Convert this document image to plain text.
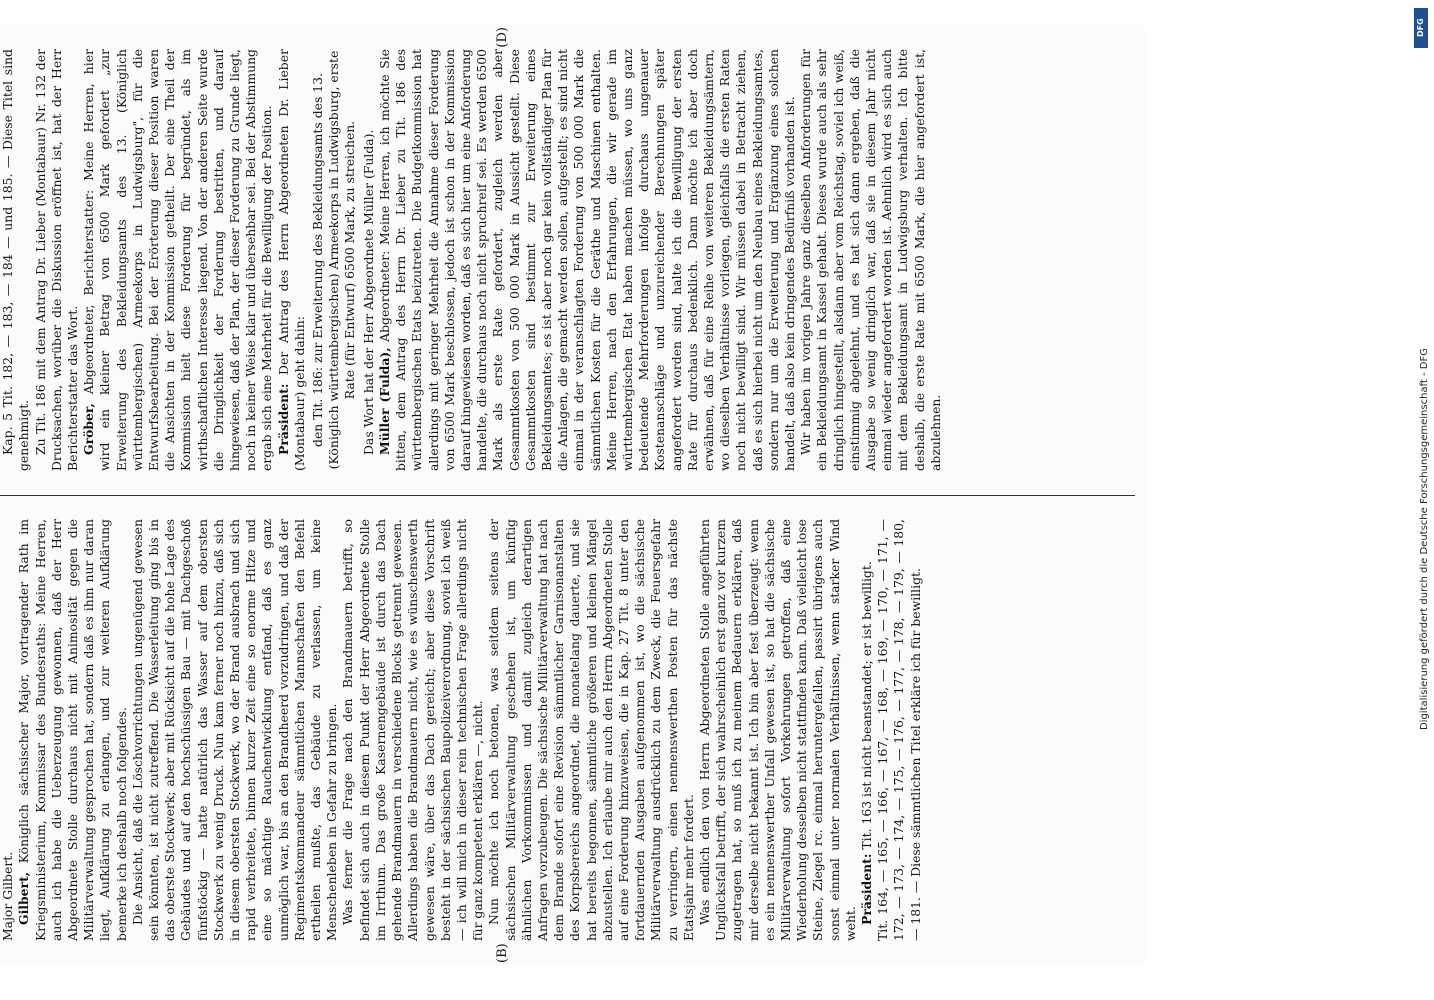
(B)
(D)

Major Gilbert. Gilbert, Königlich sächsischer Major, vortragender Rath im Kriegsministerium, Kommissar des Bundesraths: Meine Herren, auch ich habe die Ueberzeugung gewonnen, daß der Herr Abgeordnete Stolle durchaus nicht mit Animosität gegen die Militärverwaltung gesprochen hat, sondern daß es ihm nur daran liegt, Aufklärung zu erlangen, und zur weiteren Aufklärung bemerke ich deshalb noch folgendes. Die Ansicht, daß die Löschvorrichtungen ungenügend gewesen sein könnten, ist nicht zutreffend. Die Wasserleitung ging bis in das oberste Stockwerk; aber mit Rücksicht auf die hohe Lage des Gebäudes und auf den hochschüssigen Bau — mit Dachgeschoß fünfstöckig — hatte natürlich das Wasser auf dem obersten Stockwerk zu wenig Druck. Nun kam ferner noch hinzu, daß sich in diesem obersten Stockwerk, wo der Brand ausbrach und sich rapid verbreitete, binnen kurzer Zeit eine so enorme Hitze und eine so mächtige Rauchentwicklung entfand, daß es ganz unmöglich war, bis an den Brandheerd vorzudringen, und daß der Regimentskommandeur sämmtlichen Mannschaften den Befehl ertheilen mußte, das Gebäude zu verlassen, um keine Menschenleben in Gefahr zu bringen. Was ferner die Frage nach den Brandmauern betrifft, so befindet sich auch in diesem Punkt der Herr Abgeordnete Stolle im Irrthum. Das große Kasernengebäude ist durch das Dach gehende Brandmauern in verschiedene Blocks getrennt gewesen. Allerdings haben die Brandmauern nicht, wie es wünschenswerth gewesen wäre, über das Dach gereicht; aber diese Vorschrift besteht in der sächsischen Baupolizeiverordnung, soviel ich weiß — ich will mich in dieser rein technischen Frage allerdings nicht für ganz kompetent erklären —, nicht. Nun möchte ich noch betonen, was seitdem seitens der sächsischen Militärverwaltung geschehen ist, um künftig ähnlichen Vorkommnissen und damit zugleich derartigen Anfragen vorzubeugen. Die sächsische Militärverwaltung hat nach dem Brande sofort eine Revision sämmtlicher Garnisonanstalten des Korpsbereichs angeordnet, die monatelang dauerte, und sie hat bereits begonnen, sämmtliche größeren und kleinen Mängel abzustellen. Ich erlaube mir auch den Herrn Abgeordneten Stolle auf eine Forderung hinzuweisen, die in Kap. 27 Tit. 8 unter den fortdauernden Ausgaben aufgenommen ist, wo die sächsische Militärverwaltung ausdrücklich zu dem Zweck, die Feuersgefahr zu verringern, einen nennenswerthen Posten für das nächste Etatsjahr mehr fordert. Was endlich den von Herrn Abgeordneten Stolle angeführten Unglücksfall betrifft, der sich wahrscheinlich erst ganz vor kurzem zugetragen hat, so muß ich zu meinem Bedauern erklären, daß mir derselbe nicht bekannt ist. Ich bin aber fest überzeugt: wenn es ein nennenswerther Unfall gewesen ist, so hat die sächsische Militärverwaltung sofort Vorkehrungen getroffen, daß eine Wiederholung desselben nicht stattfinden kann. Daß vielleicht lose Steine, Ziegel rc. einmal heruntergefallen, passirt übrigens auch sonst einmal unter normalen Verhältnissen, wenn starker Wind weht. Präsident: Tit. 163 ist nicht beanstandet; er ist bewilligt. Tit. 164, — 165, — 166, — 167, — 168, — 169, — 170, — 171, — 172, — 173, — 174, — 175, — 176, — 177, — 178, — 179, — 180, — 181. — Diese sämmtlichen Titel erkläre ich für bewilligt.

Kap. 5 Tit. 182, — 183, — 184 — und 185. — Diese Titel sind genehmigt. Zu Tit. 186 mit dem Antrag Dr. Lieber (Montabaur) Nr. 132 der Drucksachen, worüber die Diskussion eröffnet ist, hat der Herr Berichterstatter das Wort. Gröber, Abgeordneter, Berichterstatter: Meine Herren, hier wird ein kleiner Betrag von 6500 Mark gefordert „zur Erweiterung des Bekleidungsamts des 13. (Königlich württembergischen) Armeekorps in Ludwigsburg", für die Entwurfsbearbeitung. Bei der Erörterung dieser Position waren die Ansichten in der Kommission getheilt. Der eine Theil der Kommission hielt diese Forderung für begründet, als im wirthschaftlichen Interesse liegend. Von der anderen Seite wurde die Dringlichkeit der Forderung bestritten, und darauf hingewiesen, daß der Plan, der dieser Forderung zu Grunde liegt, noch in keiner Weise klar und übersehbar sei. Bei der Abstimmung ergab sich eine Mehrheit für die Bewilligung der Position. Präsident: Der Antrag des Herrn Abgeordneten Dr. Lieber (Montabaur) geht dahin: den Tit. 186: zur Erweiterung des Bekleidungsamts des 13. (Königlich württembergischen) Armeekorps in Ludwigsburg, erste Rate (für Entwurf) 6500 Mark, zu streichen. Das Wort hat der Herr Abgeordnete Müller (Fulda). Müller (Fulda), Abgeordneter: Meine Herren, ich möchte Sie bitten, dem Antrag des Herrn Dr. Lieber zu Tit. 186 des württembergischen Etats beizutreten. Die Budgetkommission hat allerdings mit geringer Mehrheit die Annahme dieser Forderung von 6500 Mark beschlossen, jedoch ist schon in der Kommission darauf hingewiesen worden, daß es sich hier um eine Anforderung handelte, die durchaus noch nicht spruchreif sei. Es werden 6500 Mark als erste Rate gefordert, zugleich werden aber Gesammtkosten von 500 000 Mark in Aussicht gestellt. Diese Gesammtkosten sind bestimmt zur Erweiterung eines Bekleidungsamtes; es ist aber noch gar kein vollständiger Plan für die Anlagen, die gemacht werden sollen, aufgestellt; es sind nicht einmal in der veranschlagten Forderung von 500 000 Mark die sämmtlichen Kosten für die Geräthe und Maschinen enthalten. Meine Herren, nach den Erfahrungen, die wir gerade im württembergischen Etat haben machen müssen, wo uns ganz bedeutende Mehrforderungen infolge durchaus ungenauer Kostenanschläge und unzureichender Berechnungen später angefordert worden sind, halte ich die Bewilligung der ersten Rate für durchaus bedenklich. Dann möchte ich aber doch erwähnen, daß für eine Reihe von weiteren Bekleidungsämtern, wo dieselben Verhältnisse vorliegen, gleichfalls die ersten Raten noch nicht bewilligt sind. Wir müssen dabei in Betracht ziehen, daß es sich hierbei nicht um den Neubau eines Bekleidungsamtes, sondern nur um die Erweiterung und Ergänzung eines solchen handelt, daß also kein dringendes Bedürfniß vorhanden ist. Wir haben im vorigen Jahre ganz dieselben Anforderungen für ein Bekleidungsamt in Kassel gehabt. Dieses wurde auch als sehr dringlich hingestellt, alsdann aber vom Reichstag, soviel ich weiß, einstimmig abgelehnt, und es hat sich dann ergeben, daß die Ausgabe so wenig dringlich war, daß sie in diesem Jahr nicht einmal wieder angefordert worden ist. Aehnlich wird es sich auch mit dem Bekleidungsamt in Ludwigsburg verhalten. Ich bitte deshalb, die erste Rate mit 6500 Mark, die hier angefordert ist, abzulehnen.

DFG
Digitalisierung gefördert durch die Deutsche Forschungsgemeinschaft - DFG
